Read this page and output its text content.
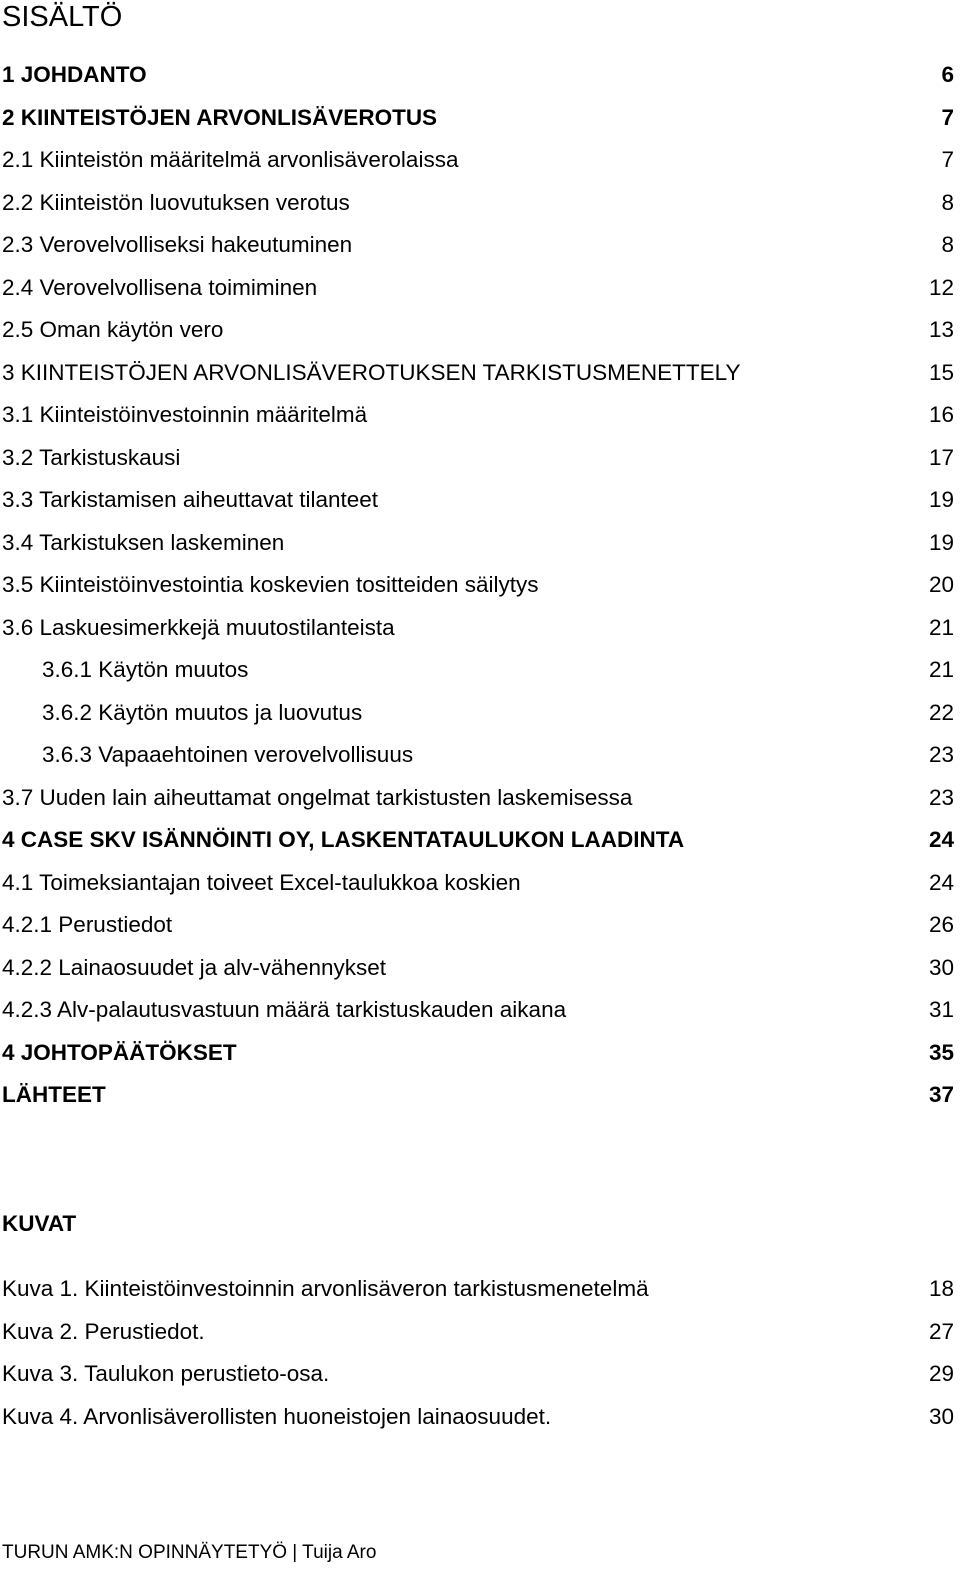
SISÄLTÖ
1 JOHDANTO	6
2 KIINTEISTÖJEN ARVONLISÄVEROTUS	7
2.1 Kiinteistön määritelmä arvonlisäverolaissa	7
2.2 Kiinteistön luovutuksen verotus	8
2.3 Verovelvolliseksi hakeutuminen	8
2.4 Verovelvollisena toimiminen	12
2.5 Oman käytön vero	13
3 KIINTEISTÖJEN ARVONLISÄVEROTUKSEN TARKISTUSMENETTELY	15
3.1 Kiinteistöinvestoinnin määritelmä	16
3.2 Tarkistuskausi	17
3.3 Tarkistamisen aiheuttavat tilanteet	19
3.4 Tarkistuksen laskeminen	19
3.5 Kiinteistöinvestointia koskevien tositteiden säilytys	20
3.6 Laskuesimerkkejä muutostilanteista	21
3.6.1 Käytön muutos	21
3.6.2 Käytön muutos ja luovutus	22
3.6.3 Vapaaehtoinen verovelvollisuus	23
3.7 Uuden lain aiheuttamat ongelmat tarkistusten laskemisessa	23
4 CASE SKV ISÄNNÖINTI OY, LASKENTATAULUKON LAADINTA	24
4.1 Toimeksiantajan toiveet Excel-taulukkoa koskien	24
4.2.1 Perustiedot	26
4.2.2 Lainaosuudet ja alv-vähennykset	30
4.2.3 Alv-palautusvastuun määrä tarkistuskauden aikana	31
4 JOHTOPÄÄTÖKSET	35
LÄHTEET	37
KUVAT
Kuva 1. Kiinteistöinvestoinnin arvonlisäveron tarkistusmenetelmä	18
Kuva 2. Perustiedot.	27
Kuva 3. Taulukon perustieto-osa.	29
Kuva 4. Arvonlisäverollisten huoneistojen lainaosuudet.	30
TURUN AMK:N OPINNÄYTETYÖ | Tuija Aro
